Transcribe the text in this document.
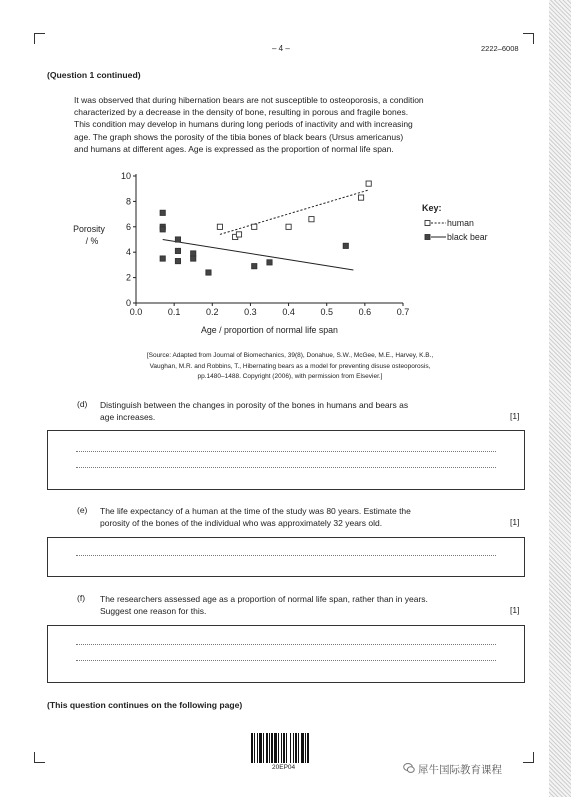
– 4 –	2222–6008
(Question 1 continued)

It was observed that during hibernation bears are not susceptible to osteoporosis, a condition
characterized by a decrease in the density of bone, resulting in porous and fragile bones.
This condition may develop in humans during long periods of inactivity and with increasing
age. The graph shows the porosity of the tibia bones of black bears (Ursus americanus)
and humans at different ages. Age is expressed as the proportion of normal life span.

0
2
4
6
8
10
0.0	0.1	0.2	0.3	0.4	0.5	0.6	0.7
Age / proportion of normal life span
Porosity
/ %
Key:
human
black bear
[Source: Adapted from Journal of Biomechanics, 39(8), Donahue, S.W., McGee, M.E., Harvey, K.B.,
Vaughan, M.R. and Robbins, T., Hibernating bears as a model for preventing disuse osteoporosis,
pp.1480–1488. Copyright (2006), with permission from Elsevier.]
(d) Distinguish between the changes in porosity of the bones in humans and bears as
age increases.	[1]
(e) The life expectancy of a human at the time of the study was 80 years. Estimate the
porosity of the bones of the individual who was approximately 32 years old.	[1]
(f) The researchers assessed age as a proportion of normal life span, rather than in years.
Suggest one reason for this.	[1]
(This question continues on the following page)
20EP04	犀牛国际教育课程
